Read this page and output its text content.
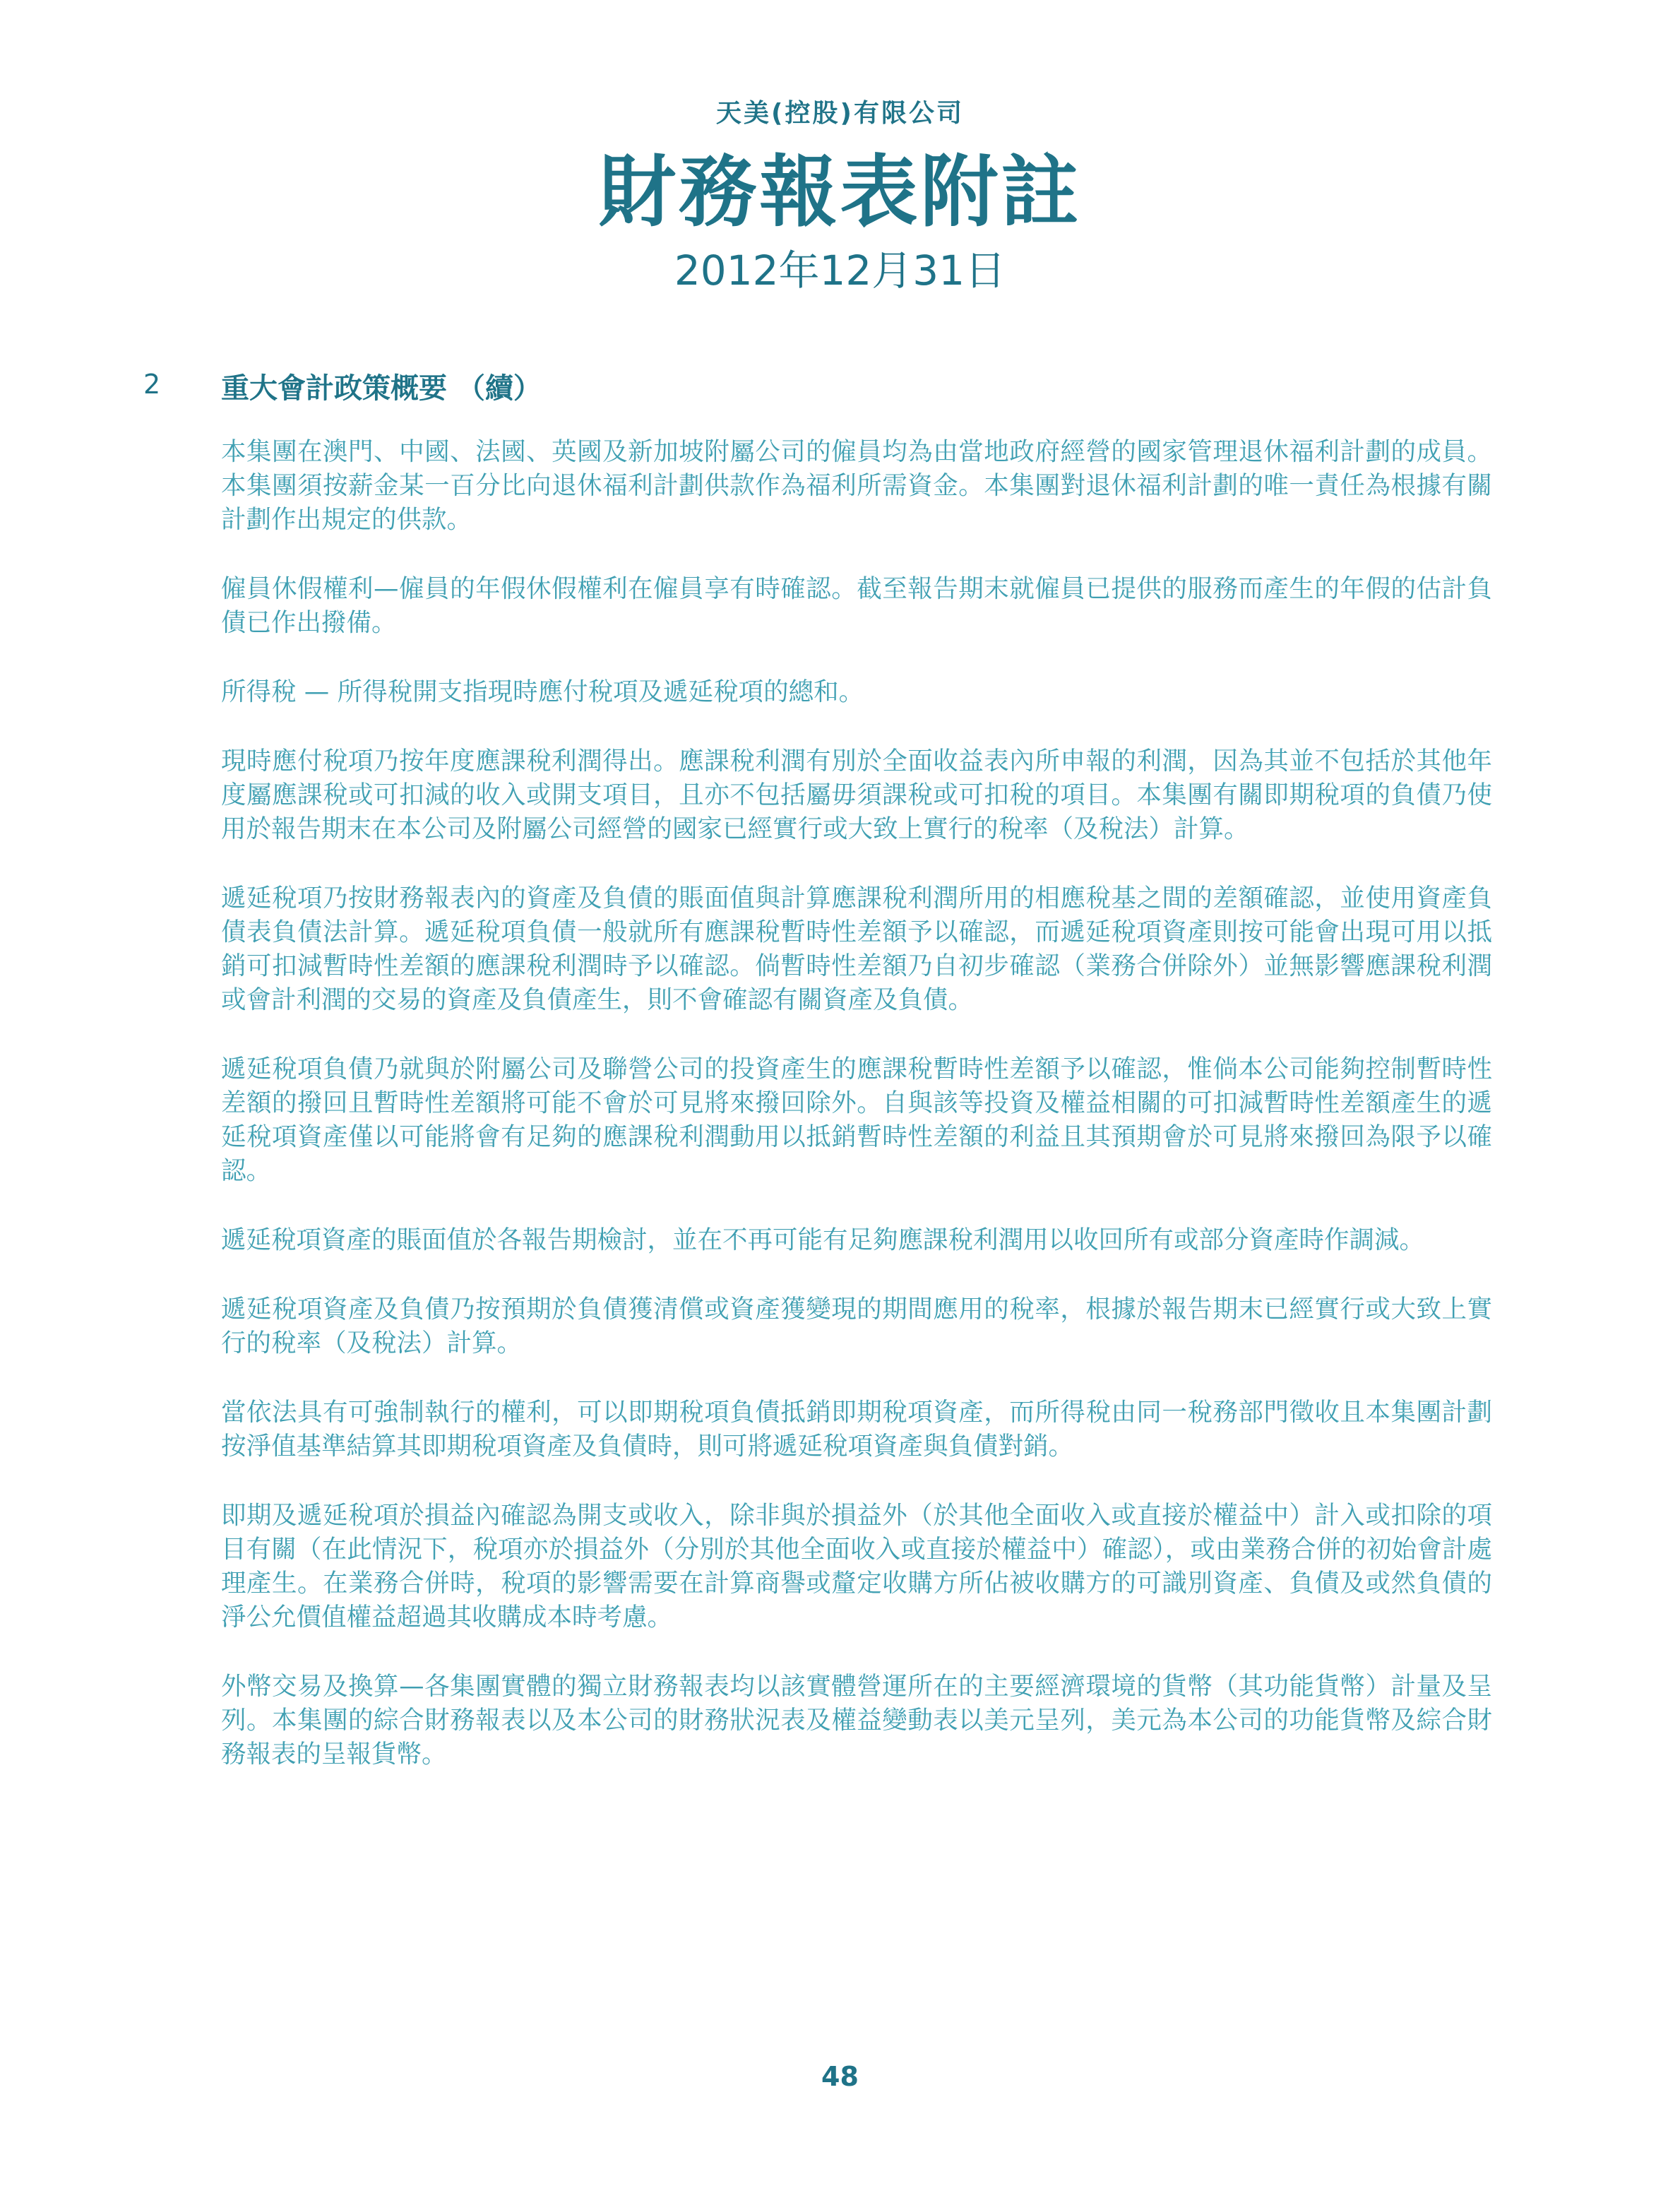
天美(控股)有限公司
財務報表附註
2012年12月31日
2 重大會計政策概要 （續）

本集團在澳門、中國、法國、英國及新加坡附屬公司的僱員均為由當地政府經營的國家管理退休福利計劃的成員。本集團須按薪金某一百分比向退休福利計劃供款作為福利所需資金。本集團對退休福利計劃的唯一責任為根據有關計劃作出規定的供款。

僱員休假權利—僱員的年假休假權利在僱員享有時確認。截至報告期末就僱員已提供的服務而產生的年假的估計負債已作出撥備。

所得稅 — 所得稅開支指現時應付稅項及遞延稅項的總和。

現時應付稅項乃按年度應課稅利潤得出。應課稅利潤有別於全面收益表內所申報的利潤，因為其並不包括於其他年度屬應課稅或可扣減的收入或開支項目，且亦不包括屬毋須課稅或可扣稅的項目。本集團有關即期稅項的負債乃使用於報告期末在本公司及附屬公司經營的國家已經實行或大致上實行的稅率（及稅法）計算。

遞延稅項乃按財務報表內的資產及負債的賬面值與計算應課稅利潤所用的相應稅基之間的差額確認，並使用資產負債表負債法計算。遞延稅項負債一般就所有應課稅暫時性差額予以確認，而遞延稅項資產則按可能會出現可用以抵銷可扣減暫時性差額的應課稅利潤時予以確認。倘暫時性差額乃自初步確認（業務合併除外）並無影響應課稅利潤或會計利潤的交易的資產及負債產生，則不會確認有關資產及負債。

遞延稅項負債乃就與於附屬公司及聯營公司的投資產生的應課稅暫時性差額予以確認，惟倘本公司能夠控制暫時性差額的撥回且暫時性差額將可能不會於可見將來撥回除外。自與該等投資及權益相關的可扣減暫時性差額產生的遞延稅項資產僅以可能將會有足夠的應課稅利潤動用以抵銷暫時性差額的利益且其預期會於可見將來撥回為限予以確認。

遞延稅項資產的賬面值於各報告期檢討，並在不再可能有足夠應課稅利潤用以收回所有或部分資產時作調減。

遞延稅項資產及負債乃按預期於負債獲清償或資產獲變現的期間應用的稅率，根據於報告期末已經實行或大致上實行的稅率（及稅法）計算。

當依法具有可強制執行的權利，可以即期稅項負債抵銷即期稅項資產，而所得稅由同一稅務部門徵收且本集團計劃按淨值基準結算其即期稅項資產及負債時，則可將遞延稅項資產與負債對銷。

即期及遞延稅項於損益內確認為開支或收入，除非與於損益外（於其他全面收入或直接於權益中）計入或扣除的項目有關（在此情況下，稅項亦於損益外（分別於其他全面收入或直接於權益中）確認），或由業務合併的初始會計處理產生。在業務合併時，稅項的影響需要在計算商譽或釐定收購方所佔被收購方的可識別資產、負債及或然負債的淨公允價值權益超過其收購成本時考慮。

外幣交易及換算—各集團實體的獨立財務報表均以該實體營運所在的主要經濟環境的貨幣（其功能貨幣）計量及呈列。本集團的綜合財務報表以及本公司的財務狀況表及權益變動表以美元呈列，美元為本公司的功能貨幣及綜合財務報表的呈報貨幣。

48
